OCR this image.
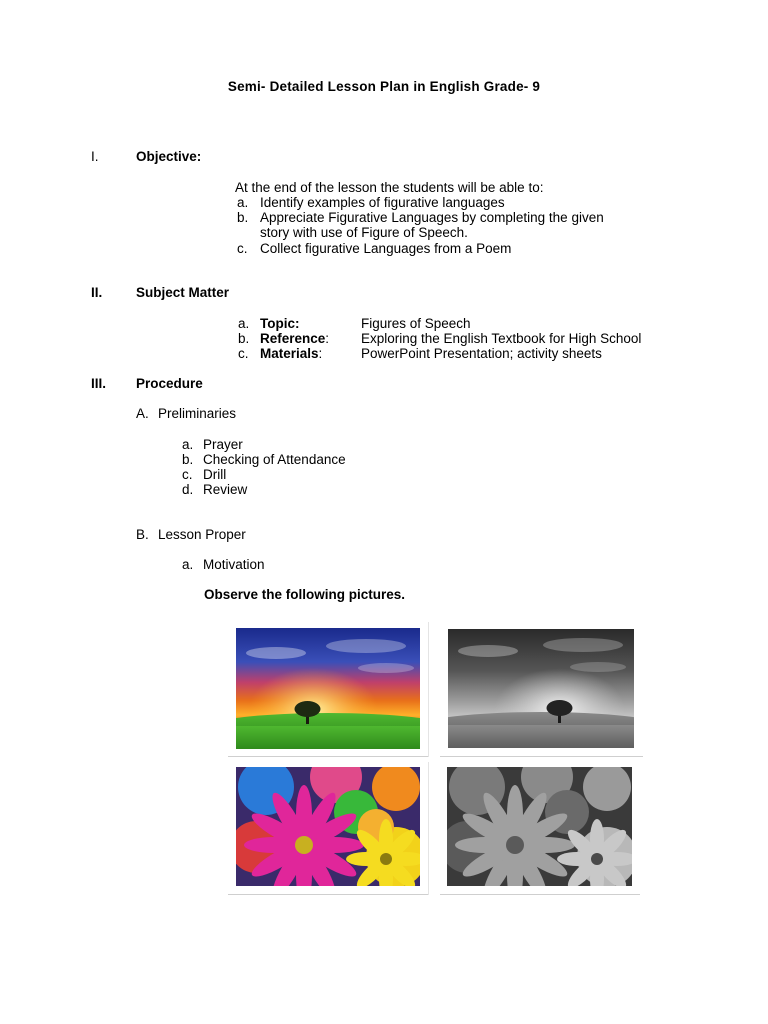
Semi- Detailed Lesson Plan in English Grade- 9
I.	Objective:
At the end of the lesson the students will be able to:
a. Identify examples of figurative languages
b. Appreciate Figurative Languages by completing the given
story with use of Figure of Speech.
c. Collect figurative Languages from a Poem
II. Subject Matter
a. Topic:	Figures of Speech
b. Reference: Exploring the English Textbook for High School
c. Materials:	PowerPoint Presentation; activity sheets
III. Procedure
A. Preliminaries
a. Prayer
b. Checking of Attendance
c. Drill
d. Review
B. Lesson Proper
a. Motivation
Observe the following pictures.
